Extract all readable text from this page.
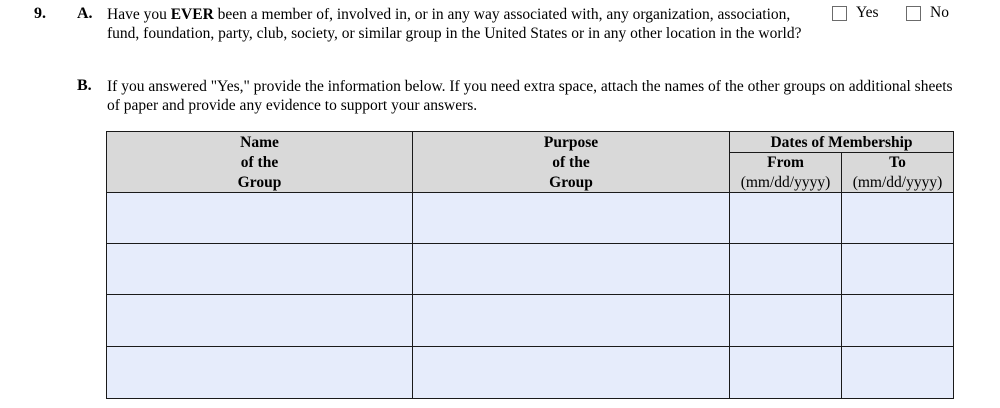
9. A. Have you EVER been a member of, involved in, or in any way associated with, any organization, association, fund, foundation, party, club, society, or similar group in the United States or in any other location in the world?
Yes	No
B. If you answered "Yes," provide the information below. If you need extra space, attach the names of the other groups on additional sheets of paper and provide any evidence to support your answers.
Name
of the
Group
Purpose
of the
Group
Dates of Membership
From
(mm/dd/yyyy)
To
(mm/dd/yyyy)
